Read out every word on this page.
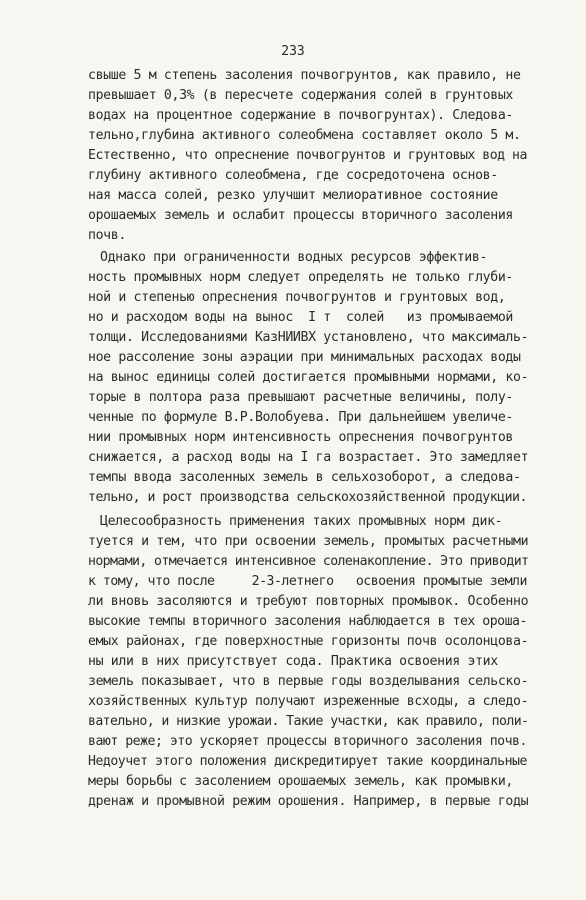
233
свыше 5 м степень засоления почвогрунтов, как правило, не
превышает 0,3% (в пересчете содержания солей в грунтовых
водах на процентное содержание в почвогрунтах). Следова-
тельно,глубина активного солеобмена составляет около 5 м.
Естественно, что опреснение почвогрунтов и грунтовых вод на
глубину активного солеобмена, где сосредоточена основ-
ная масса солей, резко улучшит мелиоративное состояние
орошаемых земель и ослабит процессы вторичного засоления
почв.
Однако при ограниченности водных ресурсов эффектив-
ность промывных норм следует определять не только глуби-
ной и степенью опреснения почвогрунтов и грунтовых вод,
но и расходом воды на вынос  I т  солей   из промываемой
толщи. Исследованиями КазНИИВХ установлено, что максималь-
ное рассоление зоны аэрации при минимальных расходах воды
на вынос единицы солей достигается промывными нормами, ко-
торые в полтора раза превышают расчетные величины, полу-
ченные по формуле В.Р.Волобуева. При дальнейшем увеличе-
нии промывных норм интенсивность опреснения почвогрунтов
снижается, а расход воды на I га возрастает. Это замедляет
темпы ввода засоленных земель в сельхозоборот, а следова-
тельно, и рост производства сельскохозяйственной продукции.
Целесообразность применения таких промывных норм дик-
туется и тем, что при освоении земель, промытых расчетными
нормами, отмечается интенсивное соленакопление. Это приводит
к тому, что после     2-3-летнего   освоения промытые земли
ли вновь засоляются и требуют повторных промывок. Особенно
высокие темпы вторичного засоления наблюдается в тех ороша-
емых районах, где поверхностные горизонты почв осолонцова-
ны или в них присутствует сода. Практика освоения этих
земель показывает, что в первые годы возделывания сельско-
хозяйственных культур получают изреженные всходы, а следо-
вательно, и низкие урожаи. Такие участки, как правило, поли-
вают реже; это ускоряет процессы вторичного засоления почв.
Недоучет этого положения дискредитирует такие координальные
меры борьбы с засолением орошаемых земель, как промывки,
дренаж и промывной режим орошения. Например, в первые годы
